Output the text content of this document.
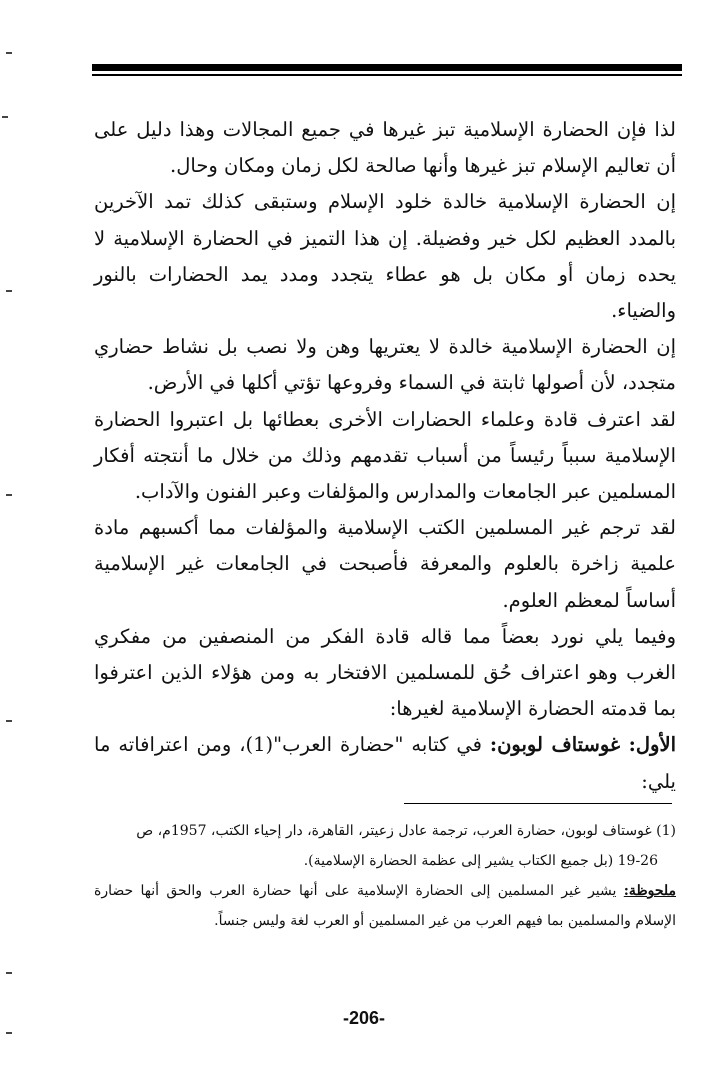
لذا فإن الحضارة الإسلامية تبز غيرها في جميع المجالات وهذا دليل على أن تعاليم الإسلام تبز غيرها وأنها صالحة لكل زمان ومكان وحال.

إن الحضارة الإسلامية خالدة خلود الإسلام وستبقى كذلك تمد الآخرين بالمدد العظيم لكل خير وفضيلة. إن هذا التميز في الحضارة الإسلامية لا يحده زمان أو مكان بل هو عطاء يتجدد ومدد يمد الحضارات بالنور والضياء.

إن الحضارة الإسلامية خالدة لا يعتريها وهن ولا نصب بل نشاط حضاري متجدد، لأن أصولها ثابتة في السماء وفروعها تؤتي أكلها في الأرض.

لقد اعترف قادة وعلماء الحضارات الأخرى بعطائها بل اعتبروا الحضارة الإسلامية سبباً رئيساً من أسباب تقدمهم وذلك من خلال ما أنتجته أفكار المسلمين عبر الجامعات والمدارس والمؤلفات وعبر الفنون والآداب.

لقد ترجم غير المسلمين الكتب الإسلامية والمؤلفات مما أكسبهم مادة علمية زاخرة بالعلوم والمعرفة فأصبحت في الجامعات غير الإسلامية أساساً لمعظم العلوم.

وفيما يلي نورد بعضاً مما قاله قادة الفكر من المنصفين من مفكري الغرب وهو اعتراف حُق للمسلمين الافتخار به ومن هؤلاء الذين اعترفوا بما قدمته الحضارة الإسلامية لغيرها:

الأول: غوستاف لوبون: في كتابه "حضارة العرب"(1)، ومن اعترافاته ما يلي:

(1) غوستاف لوبون، حضارة العرب، ترجمة عادل زعيتر، القاهرة، دار إحياء الكتب، 1957م، ص

19-26 (بل جميع الكتاب يشير إلى عظمة الحضارة الإسلامية).

ملحوظة: يشير غير المسلمين إلى الحضارة الإسلامية على أنها حضارة العرب والحق أنها حضارة الإسلام والمسلمين بما فيهم العرب من غير المسلمين أو العرب لغة وليس جنساً.

-206-
